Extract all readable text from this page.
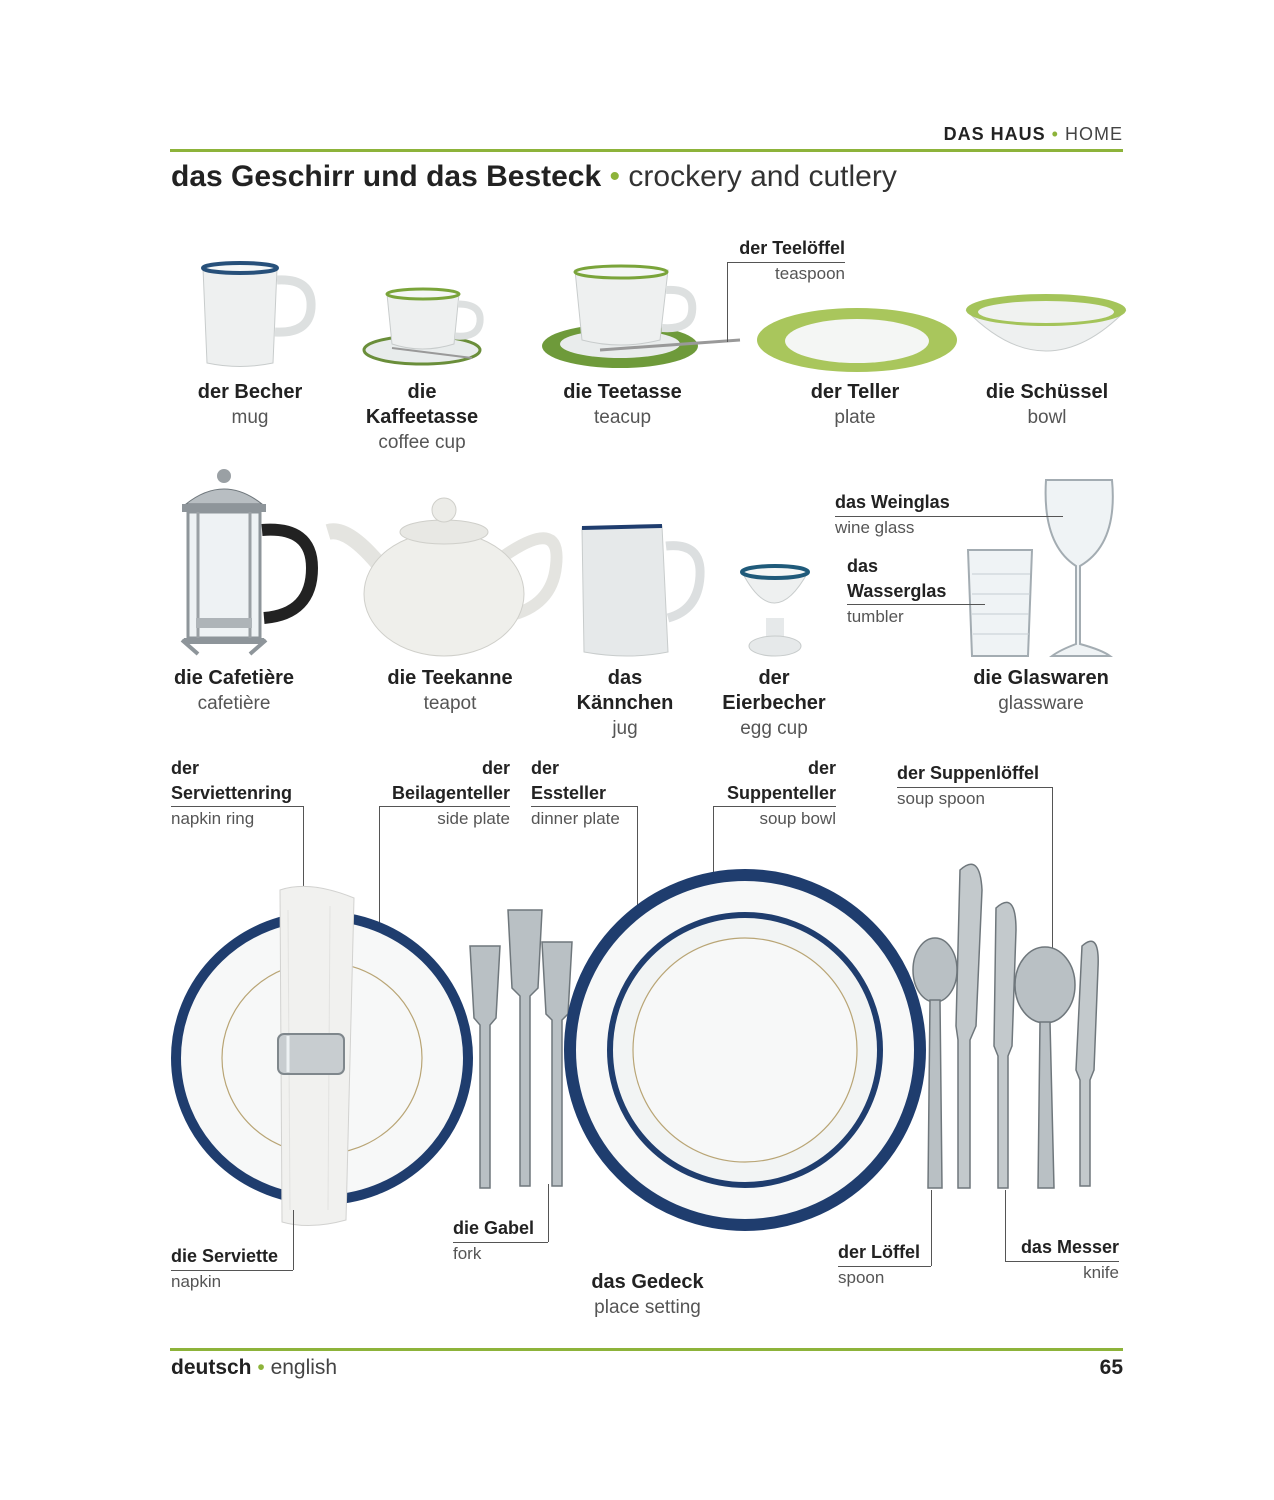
DAS HAUS • HOME
das Geschirr und das Besteck • crockery and cutlery
der Becher
mug
die
Kaffeetasse
coffee cup
die Teetasse
teacup
der Teelöffel
teaspoon
der Teller
plate
die Schüssel
bowl
die Cafetière
cafetière
die Teekanne
teapot
das
Kännchen
jug
der
Eierbecher
egg cup
das Weinglas
wine glass
das
Wasserglas
tumbler
die Glaswaren
glassware
der
Serviettenring
napkin ring
der
Beilagenteller
side plate
der
Essteller
dinner plate
der
Suppenteller
soup bowl
der Suppenlöffel
soup spoon
die Serviette
napkin
die Gabel
fork
das Gedeck
place setting
der Löffel
spoon
das Messer
knife
deutsch • english	65
